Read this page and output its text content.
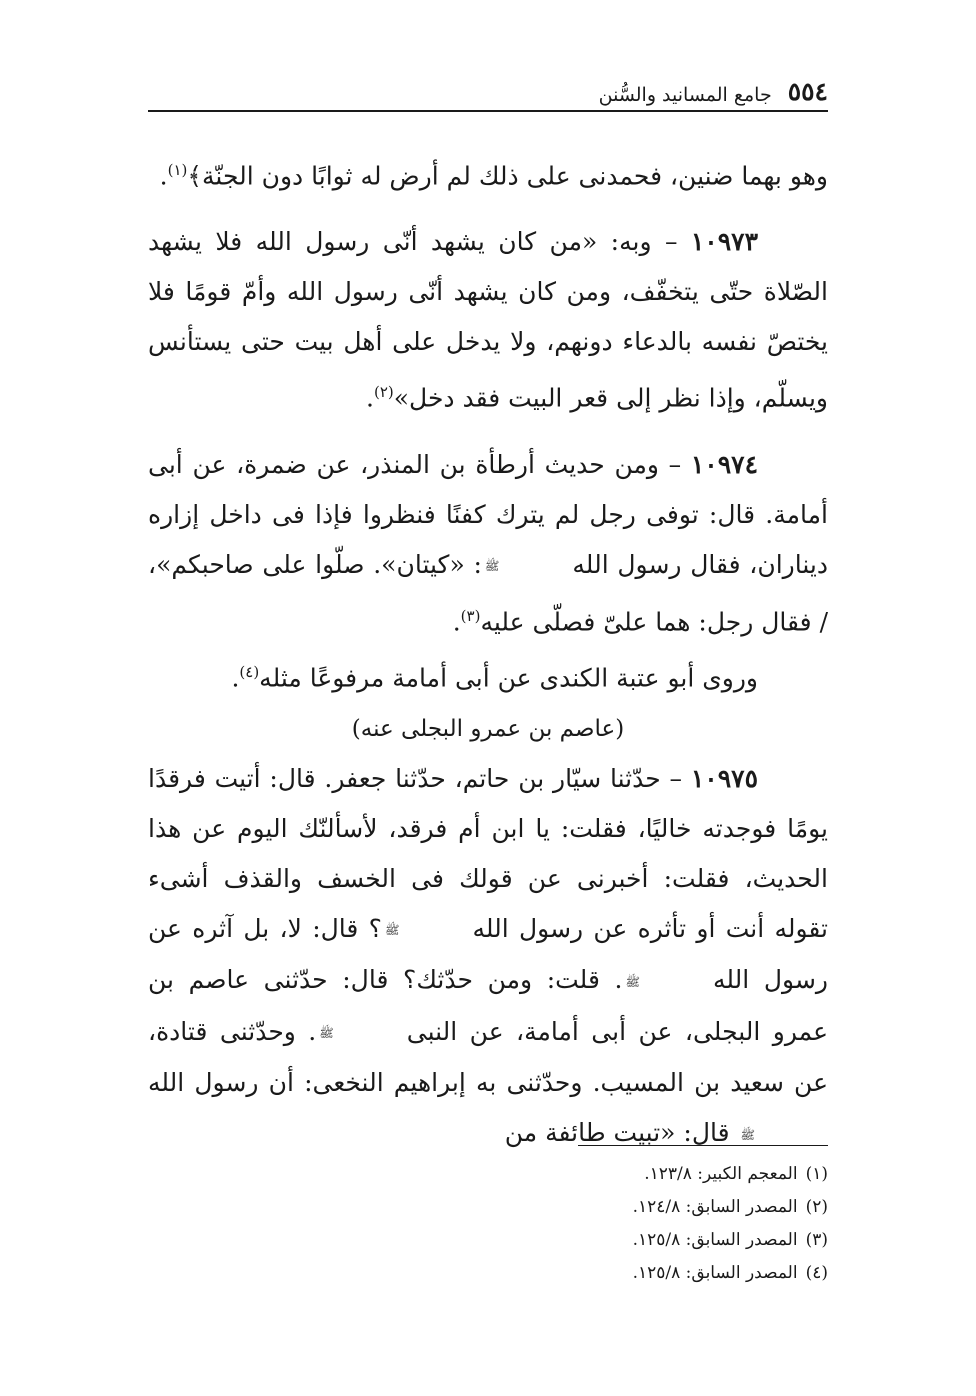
٥٥٤
جامع المسانيد والسُّنن

وهو بهما ضنين، فحمدنى على ذلك لم أرض له ثوابًا دون الجنّة﴾$^{(١)}$.

١٠٩٧٣ – وبه: «من كان يشهد أنّى رسول الله فلا يشهد الصّلاة حتّى يتخفّف، ومن كان يشهد أنّى رسول الله وأمّ قومًا فلا يختصّ نفسه بالدعاء دونهم، ولا يدخل على أهل بيت حتى يستأنس ويسلّم، وإذا نظر إلى قعر البيت فقد دخل»$^{(٢)}$.

١٠٩٧٤ – ومن حديث أرطأة بن المنذر، عن ضمرة، عن أبى أمامة. قال: توفى رجل لم يترك كفنًا فنظروا فإذا فى داخل إزاره ديناران، فقال رسول اللهﷺ: «كيتان». صلّوا على صاحبكم»، / فقال رجل: هما علىّ فصلّى عليه$^{(٣)}$.

وروى أبو عتبة الكندى عن أبى أمامة مرفوعًا مثله$^{(٤)}$.

(عاصم بن عمرو البجلى عنه)

١٠٩٧٥ – حدّثنا سيّار بن حاتم، حدّثنا جعفر. قال: أتيت فرقدًا يومًا فوجدته خاليًا، فقلت: يا ابن أم فرقد، لأسألنّك اليوم عن هذا الحديث، فقلت: أخبرنى عن قولك فى الخسف والقذف أشىء تقوله أنت أو تأثره عن رسول اللهﷺ؟ قال: لا، بل آثره عن رسول اللهﷺ. قلت: ومن حدّثك؟ قال: حدّثنى عاصم بن عمرو البجلى، عن أبى أمامة، عن النبىﷺ. وحدّثنى قتادة، عن سعيد بن المسيب. وحدّثنى به إبراهيم النخعى: أن رسول اللهﷺ قال: «تبيت طائفة من

(١)
المعجم الكبير: ١٢٣/٨.
(٢)
المصدر السابق: ١٢٤/٨.
(٣)
المصدر السابق: ١٢٥/٨.
(٤)
المصدر السابق: ١٢٥/٨.
